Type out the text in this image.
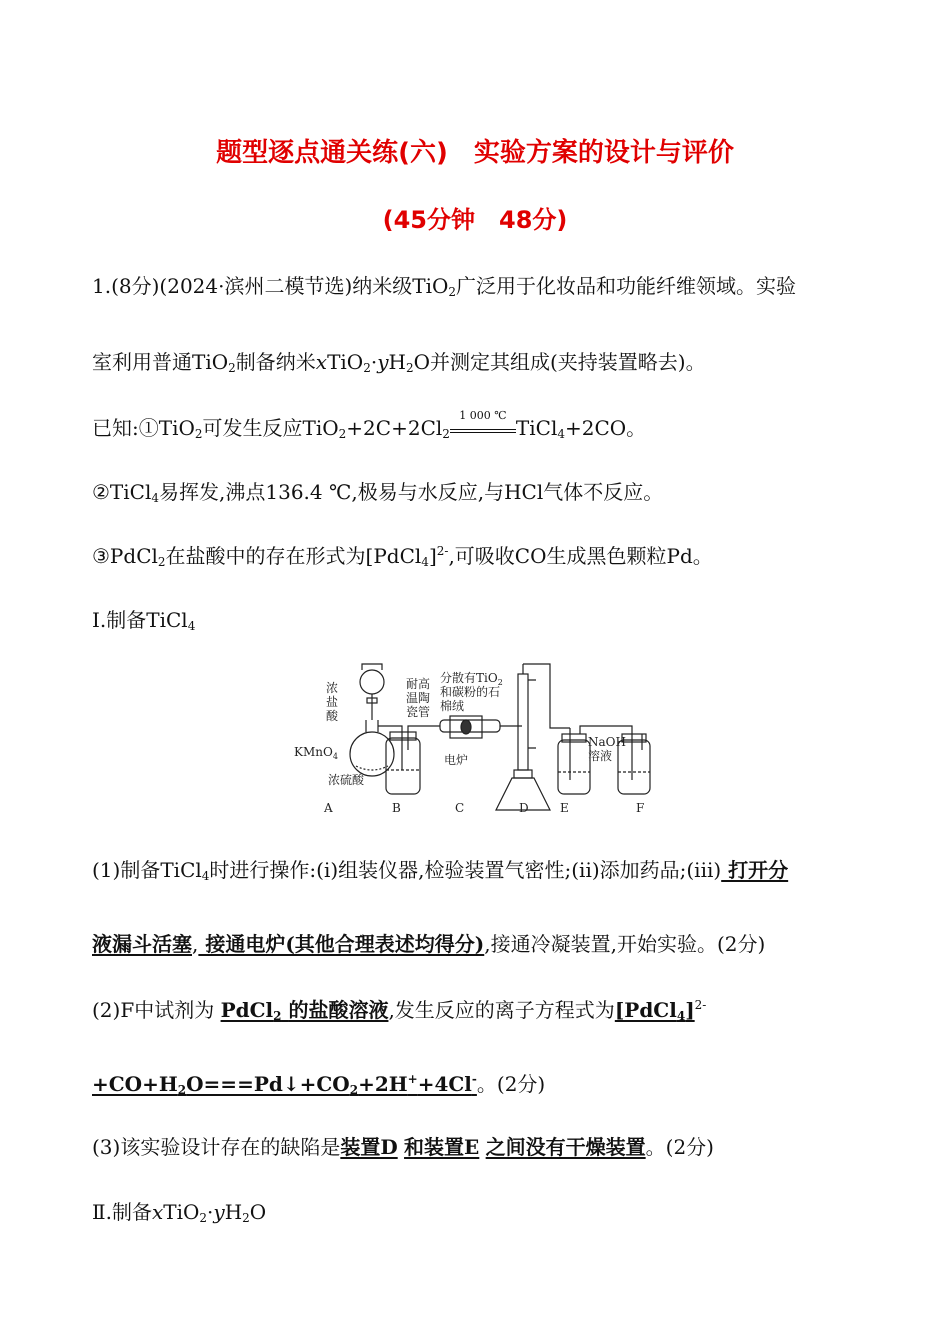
题型逐点通关练(六)　实验方案的设计与评价
(45分钟　48分)
1.(8分)(2024·滨州二模节选)纳米级TiO$_2$广泛用于化妆品和功能纤维领域。实验
室利用普通TiO$_2$制备纳米$xTiO_2\cdot yH_2O$并测定其组成(夹持装置略去)。
已知:①TiO$_2$可发生反应$TiO_2+2C+2Cl_2$
1 000 ℃
TiCl$_4$+2CO。
②TiCl$_4$易挥发,沸点136.4 ℃,极易与水反应,与HCl气体不反应。
③PdCl$_2$在盐酸中的存在形式为[PdCl$_4$]$^{2-}$,可吸收CO生成黑色颗粒Pd。
Ⅰ.制备TiCl$_4$
浓
盐
酸
KMnO$_4$
浓硫酸
耐高
温陶
瓷管
分散有TiO$_2$
和碳粉的石
棉绒
电炉
NaOH
溶液
A	B	C	D	E	F
(1)制备TiCl$_4$时进行操作:(i)组装仪器,检验装置气密性;(ii)添加药品;(iii) 打开分
液漏斗活塞, 接通电炉(其他合理表述均得分),接通冷凝装置,开始实验。(2分)
(2)F中试剂为 PdCl$_2$ 的盐酸溶液,发生反应的离子方程式为[PdCl$_4$]$^{2-}$
$+CO+H_2O===Pd↓+CO_2+2H^++4Cl^-$。(2分)
(3)该实验设计存在的缺陷是装置D 和装置E 之间没有干燥装置。(2分)
Ⅱ.制备$xTiO_2\cdot yH_2O$
